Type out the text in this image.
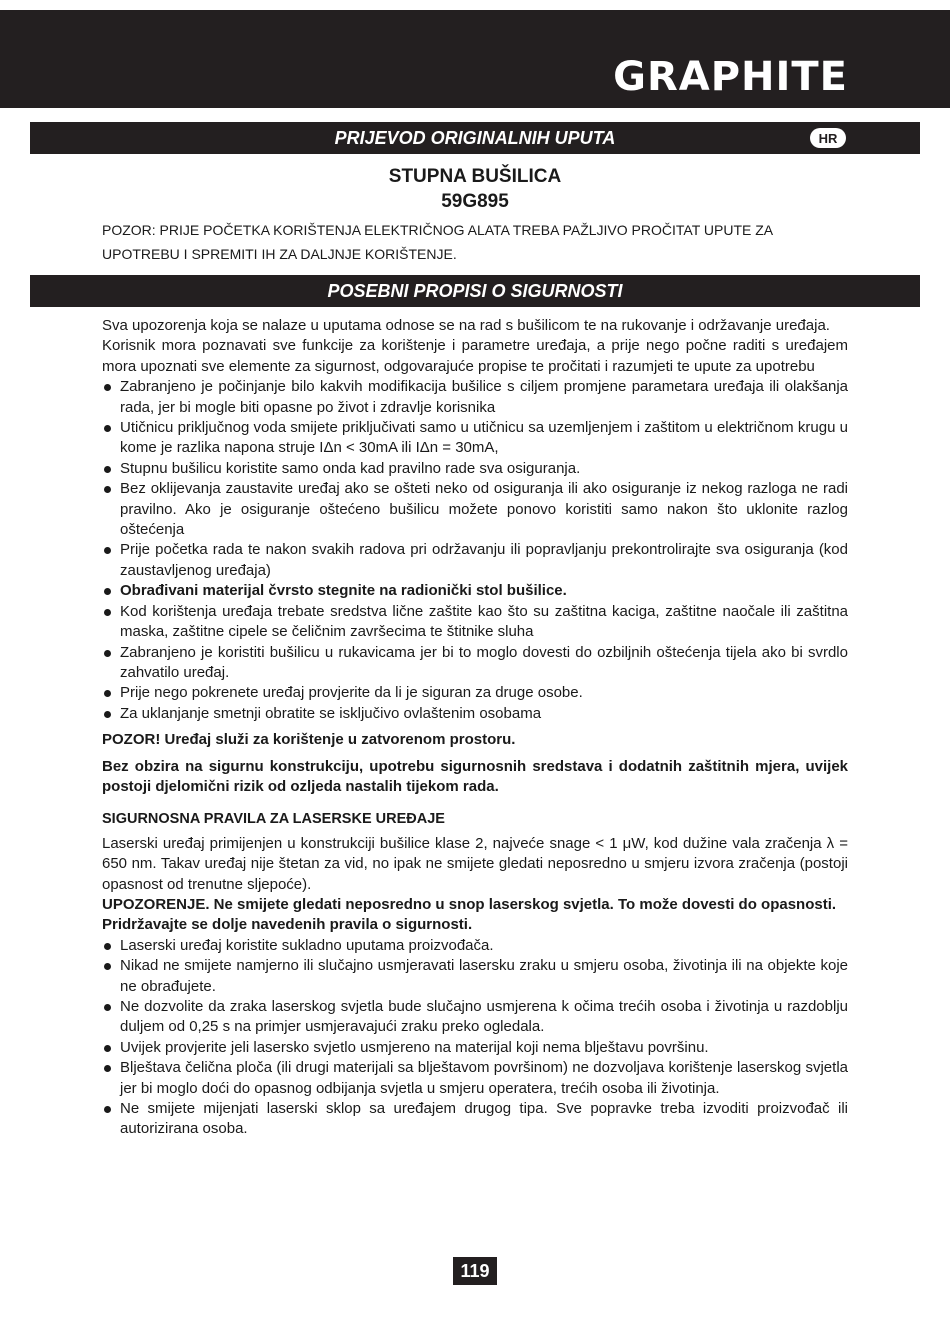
GRAPHITE
PRIJEVOD ORIGINALNIH UPUTA	HR
STUPNA BUŠILICA
59G895
POZOR: PRIJE POČETKA KORIŠTENJA ELEKTRIČNOG ALATA TREBA PAŽLJIVO PROČITAT UPUTE ZA UPOTREBU I SPREMITI IH ZA DALJNJE KORIŠTENJE.
POSEBNI PROPISI O SIGURNOSTI
Sva upozorenja koja se nalaze u uputama odnose se na rad s bušilicom te na rukovanje i održavanje uređaja.
Korisnik mora poznavati sve funkcije za korištenje i parametre uređaja, a prije nego počne raditi s uređajem mora upoznati sve elemente za sigurnost, odgovarajuće propise te pročitati i razumjeti te upute za upotrebu
Zabranjeno je počinjanje bilo kakvih modifikacija bušilice s ciljem promjene parametara uređaja ili olakšanja rada, jer bi mogle biti opasne po život i zdravlje korisnika
Utičnicu priključnog voda smijete priključivati samo u utičnicu sa uzemljenjem i zaštitom u električnom krugu u kome je razlika napona struje IΔn < 30mA ili IΔn = 30mA,
Stupnu bušilicu koristite samo onda kad pravilno rade sva osiguranja.
Bez oklijevanja zaustavite uređaj ako se ošteti neko od osiguranja ili ako osiguranje iz nekog razloga ne radi pravilno. Ako je osiguranje oštećeno bušilicu možete ponovo koristiti samo nakon što uklonite razlog oštećenja
Prije početka rada te nakon svakih radova pri održavanju ili popravljanju prekontrolirajte sva osiguranja (kod zaustavljenog uređaja)
Obrađivani materijal čvrsto stegnite na radionički stol bušilice.
Kod korištenja uređaja trebate sredstva lične zaštite kao što su zaštitna kaciga, zaštitne naočale ili zaštitna maska, zaštitne cipele se čeličnim završecima te štitnike sluha
Zabranjeno je koristiti bušilicu u rukavicama jer bi to moglo dovesti do ozbiljnih oštećenja tijela ako bi svrdlo zahvatilo uređaj.
Prije nego pokrenete uređaj provjerite da li je siguran za druge osobe.
Za uklanjanje smetnji obratite se isključivo ovlaštenim osobama
POZOR! Uređaj služi za korištenje u zatvorenom prostoru.
Bez obzira na sigurnu konstrukciju, upotrebu sigurnosnih sredstava i dodatnih zaštitnih mjera, uvijek postoji djelomični rizik od ozljeda nastalih tijekom rada.
SIGURNOSNA PRAVILA ZA LASERSKE UREĐAJE
Laserski uređaj primijenjen u konstrukciji bušilice klase 2, najveće snage < 1 μW, kod dužine vala zračenja λ = 650 nm. Takav uređaj nije štetan za vid, no ipak ne smijete gledati neposredno u smjeru izvora zračenja (postoji opasnost od trenutne sljepoće).
UPOZORENJE. Ne smijete gledati neposredno u snop laserskog svjetla. To može dovesti do opasnosti.
Pridržavajte se dolje navedenih pravila o sigurnosti.
Laserski uređaj koristite sukladno uputama proizvođača.
Nikad ne smijete namjerno ili slučajno usmjeravati lasersku zraku u smjeru osoba, životinja ili na objekte koje ne obrađujete.
Ne dozvolite da zraka laserskog svjetla bude slučajno usmjerena k očima trećih osoba i životinja u razdoblju duljem od 0,25 s na primjer usmjeravajući zraku preko ogledala.
Uvijek provjerite jeli lasersko svjetlo usmjereno na materijal koji nema blještavu površinu.
Blještava čelična ploča (ili drugi materijali sa blještavom površinom) ne dozvoljava korištenje laserskog svjetla jer bi moglo doći do opasnog odbijanja svjetla u smjeru operatera, trećih osoba ili životinja.
Ne smijete mijenjati laserski sklop sa uređajem drugog tipa. Sve popravke treba izvoditi proizvođač ili autorizirana osoba.
119
